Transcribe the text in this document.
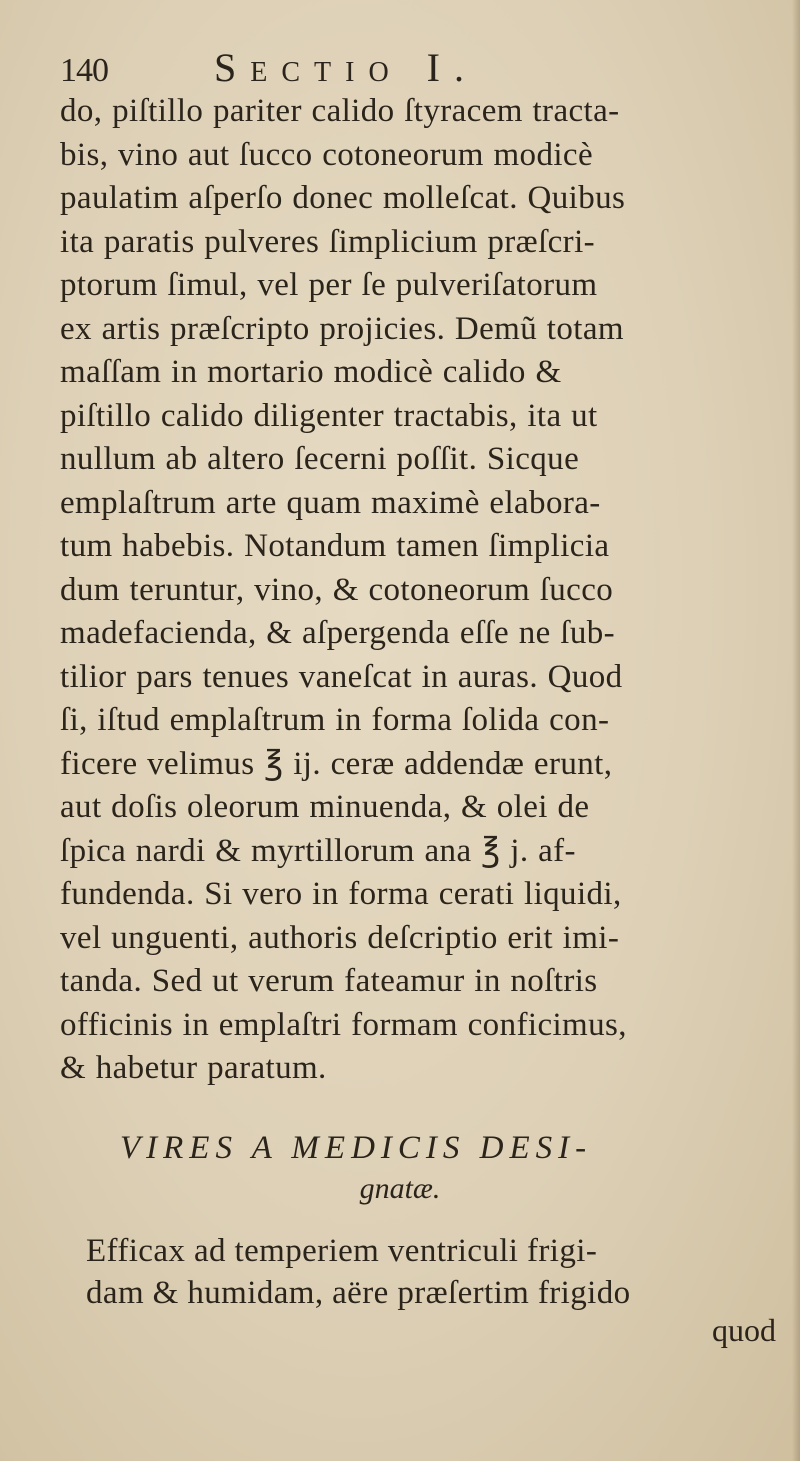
140	Sectio I.
do, piſtillo pariter calido ſtyracem tracta-
bis, vino aut ſucco cotoneorum modicè
paulatim aſperſo donec molleſcat. Quibus
ita paratis pulveres ſimplicium præſcri-
ptorum ſimul, vel per ſe pulveriſatorum
ex artis præſcripto projicies. Demũ totam
maſſam in mortario modicè calido &
piſtillo calido diligenter tractabis, ita ut
nullum ab altero ſecerni poſſit. Sicque
emplaſtrum arte quam maximè elabora-
tum habebis. Notandum tamen ſimplicia
dum teruntur, vino, & cotoneorum ſucco
madefacienda, & aſpergenda eſſe ne ſub-
tilior pars tenues vaneſcat in auras. Quod
ſi, iſtud emplaſtrum in forma ſolida con-
ficere velimus ℥ ij. ceræ addendæ erunt,
aut doſis oleorum minuenda, & olei de
ſpica nardi & myrtillorum ana ℥ j. af-
fundenda. Si vero in forma cerati liquidi,
vel unguenti, authoris deſcriptio erit imi-
tanda. Sed ut verum fateamur in noſtris
officinis in emplaſtri formam conficimus,
& habetur paratum.
VIRES A MEDICIS DESI-
gnatæ.
Efficax ad temperiem ventriculi frigi-
dam & humidam, aëre præſertim frigido
quod
